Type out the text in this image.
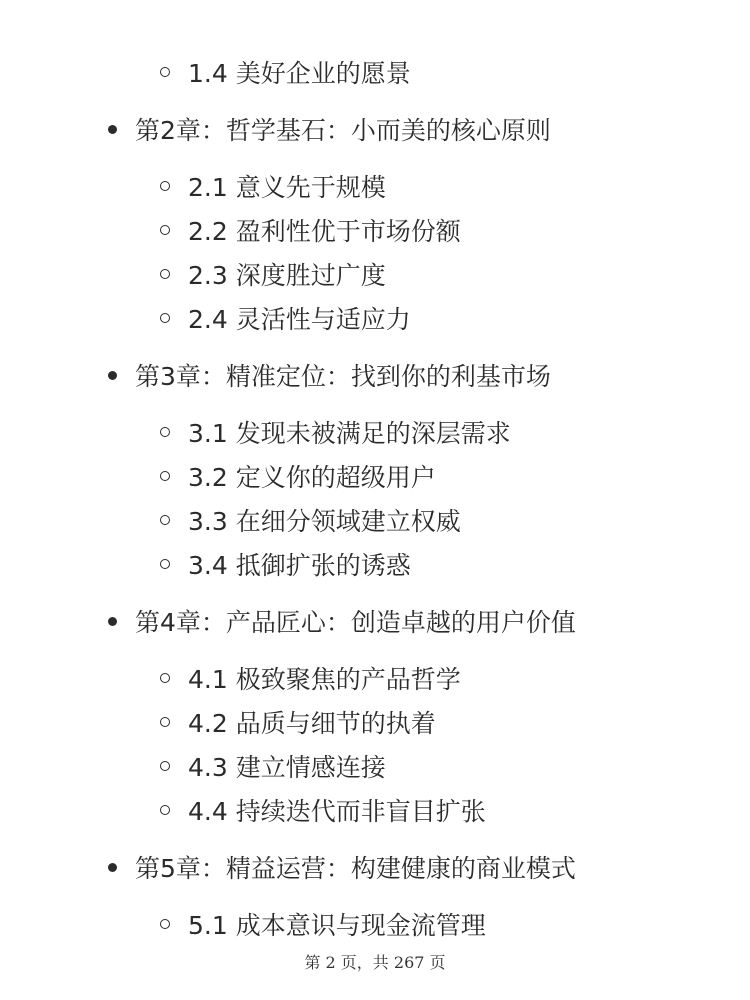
1.4 美好企业的愿景
第2章：哲学基石：小而美的核心原则
2.1 意义先于规模
2.2 盈利性优于市场份额
2.3 深度胜过广度
2.4 灵活性与适应力
第3章：精准定位：找到你的利基市场
3.1 发现未被满足的深层需求
3.2 定义你的超级用户
3.3 在细分领域建立权威
3.4 抵御扩张的诱惑
第4章：产品匠心：创造卓越的用户价值
4.1 极致聚焦的产品哲学
4.2 品质与细节的执着
4.3 建立情感连接
4.4 持续迭代而非盲目扩张
第5章：精益运营：构建健康的商业模式
5.1 成本意识与现金流管理
第 2 页，共 267 页
